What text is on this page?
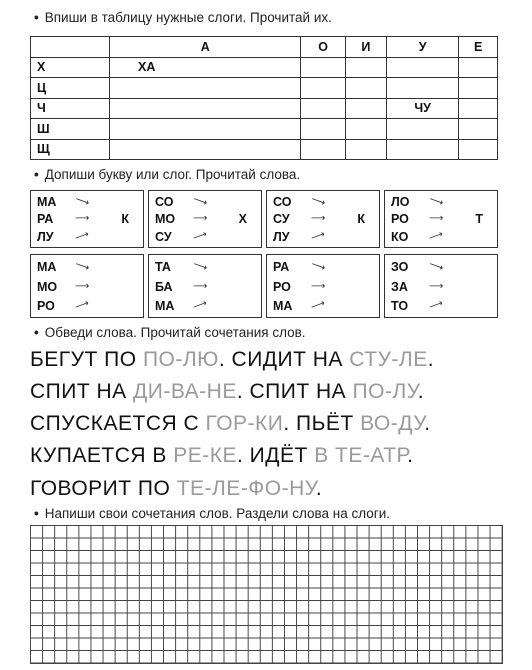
• Впиши в таблицу нужные слоги. Прочитай их.
	А	О	И	У	Е
Х	ХА				
Ц					
Ч				ЧУ	
Ш					
Щ					
• Допиши букву или слог. Прочитай слова.
МА ⟶
РА ⟶
ЛУ ⟶
К
СО ⟶
МО ⟶
СУ ⟶
Х
СО ⟶
СУ ⟶
ЛУ ⟶
К
ЛО ⟶
РО ⟶
КО ⟶
Т
МА ⟶
МО ⟶
РО ⟶
ТА ⟶
БА ⟶
МА ⟶
РА ⟶
РО ⟶
МА ⟶
ЗО ⟶
ЗА ⟶
ТО ⟶
• Обведи слова. Прочитай сочетания слов.
БЕГУТ ПО ПО-ЛЮ. СИДИТ НА СТУ-ЛЕ.
СПИТ НА ДИ-ВА-НЕ. СПИТ НА ПО-ЛУ.
СПУСКАЕТСЯ С ГОР-КИ. ПЬЁТ ВО-ДУ.
КУПАЕТСЯ В РЕ-КЕ. ИДЁТ В ТЕ-АТР.
ГОВОРИТ ПО ТЕ-ЛЕ-ФО-НУ.
• Напиши свои сочетания слов. Раздели слова на слоги.
